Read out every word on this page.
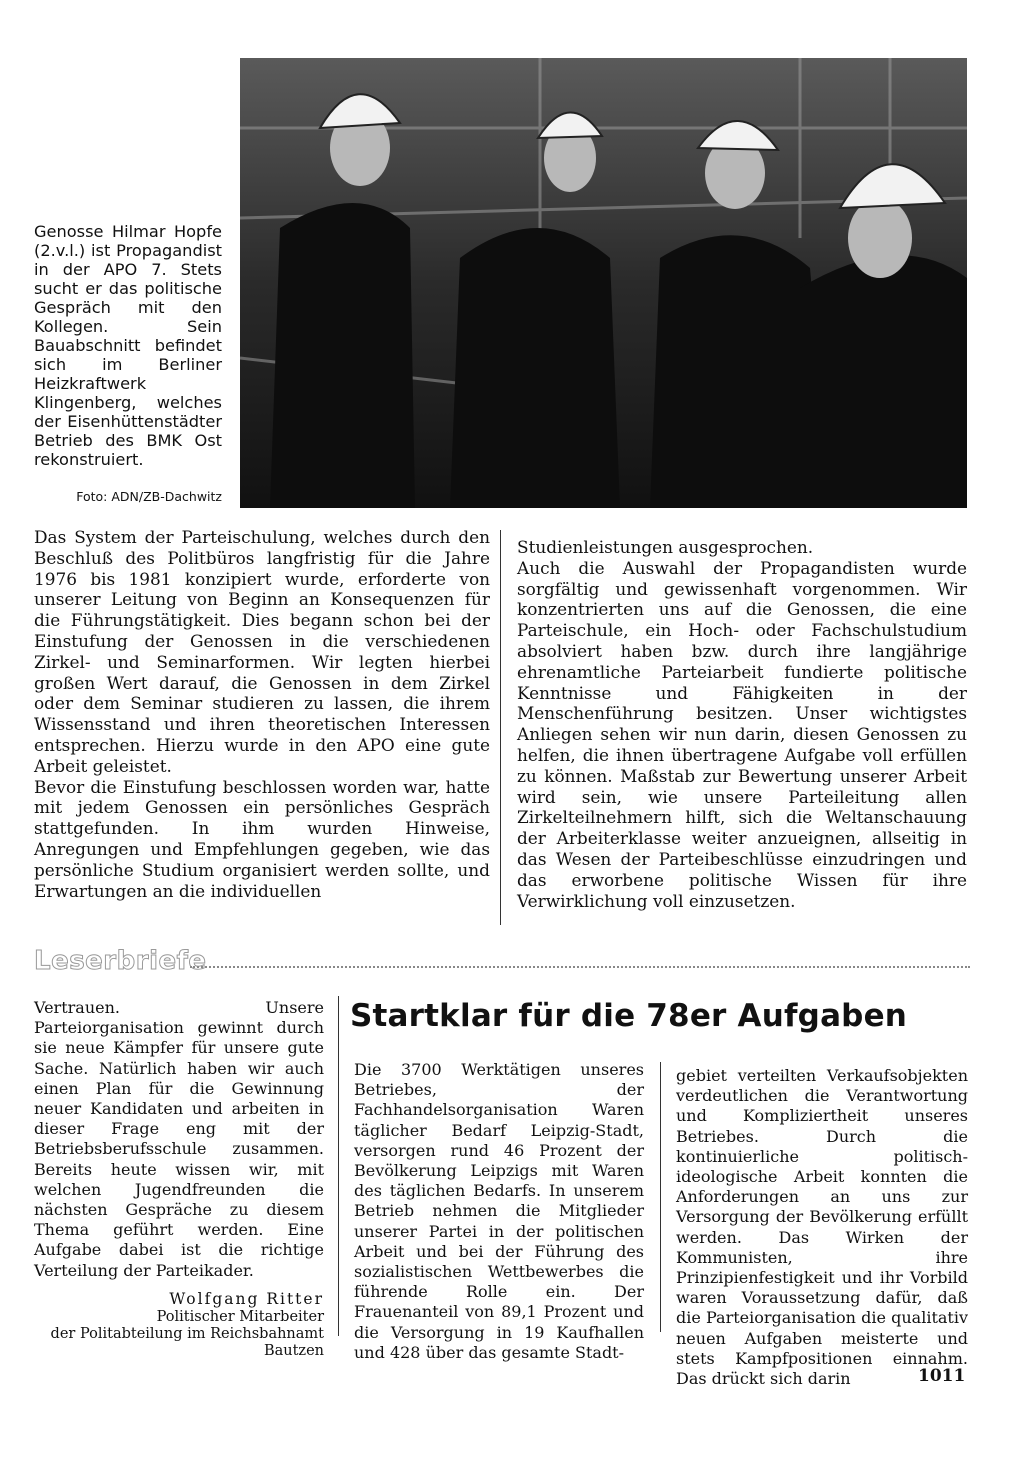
Genosse Hilmar Hopfe (2.v.l.) ist Propagandist in der APO 7. Stets sucht er das politische Gespräch mit den Kollegen. Sein Bauabschnitt befindet sich im Berliner Heizkraftwerk Klingenberg, welches der Eisenhüttenstädter Betrieb des BMK Ost rekonstruiert.
Foto: ADN/ZB-Dachwitz

Das System der Parteischulung, welches durch den Beschluß des Politbüros langfristig für die Jahre 1976 bis 1981 konzipiert wurde, erforderte von unserer Leitung von Beginn an Konsequenzen für die Führungstätigkeit. Dies begann schon bei der Einstufung der Genossen in die verschiedenen Zirkel- und Seminarformen. Wir legten hierbei großen Wert darauf, die Genossen in dem Zirkel oder dem Seminar studieren zu lassen, die ihrem Wissensstand und ihren theoretischen Interessen entsprechen. Hierzu wurde in den APO eine gute Arbeit geleistet.

Bevor die Einstufung beschlossen worden war, hatte mit jedem Genossen ein persönliches Gespräch stattgefunden. In ihm wurden Hinweise, Anregungen und Empfehlungen gegeben, wie das persönliche Studium organisiert werden sollte, und Erwartungen an die individuellen

Studienleistungen ausgesprochen.

Auch die Auswahl der Propagandisten wurde sorgfältig und gewissenhaft vorgenommen. Wir konzentrierten uns auf die Genossen, die eine Parteischule, ein Hoch- oder Fachschulstudium absolviert haben bzw. durch ihre langjährige ehrenamtliche Parteiarbeit fundierte politische Kenntnisse und Fähigkeiten in der Menschenführung besitzen. Unser wichtigstes Anliegen sehen wir nun darin, diesen Genossen zu helfen, die ihnen übertragene Aufgabe voll erfüllen zu können. Maßstab zur Bewertung unserer Arbeit wird sein, wie unsere Parteileitung allen Zirkelteilnehmern hilft, sich die Weltanschauung der Arbeiterklasse weiter anzueignen, allseitig in das Wesen der Parteibeschlüsse einzudringen und das erworbene politische Wissen für ihre Verwirklichung voll einzusetzen.

Leserbriefe

Vertrauen. Unsere Parteiorganisation gewinnt durch sie neue Kämpfer für unsere gute Sache. Natürlich haben wir auch einen Plan für die Gewinnung neuer Kandidaten und arbeiten in dieser Frage eng mit der Betriebsberufsschule zusammen. Bereits heute wissen wir, mit welchen Jugendfreunden die nächsten Gespräche zu diesem Thema geführt werden. Eine Aufgabe dabei ist die richtige Verteilung der Parteikader.

Wolfgang Ritter
Politischer Mitarbeiter
der Politabteilung im Reichsbahnamt
Bautzen
Startklar für die 78er Aufgaben

Die 3700 Werktätigen unseres Betriebes, der Fachhandelsorganisation Waren täglicher Bedarf Leipzig-Stadt, versorgen rund 46 Prozent der Bevölkerung Leipzigs mit Waren des täglichen Bedarfs. In unserem Betrieb nehmen die Mitglieder unserer Partei in der politischen Arbeit und bei der Führung des sozialistischen Wettbewerbes die führende Rolle ein. Der Frauenanteil von 89,1 Prozent und die Versorgung in 19 Kaufhallen und 428 über das gesamte Stadt-

gebiet verteilten Verkaufsobjekten verdeutlichen die Verantwortung und Kompliziertheit unseres Betriebes. Durch die kontinuierliche politisch-ideologische Arbeit konnten die Anforderungen an uns zur Versorgung der Bevölkerung erfüllt werden. Das Wirken der Kommunisten, ihre Prinzipienfestigkeit und ihr Vorbild waren Voraussetzung dafür, daß die Parteiorganisation die qualitativ neuen Aufgaben meisterte und stets Kampfpositionen einnahm. Das drückt sich darin	1011
